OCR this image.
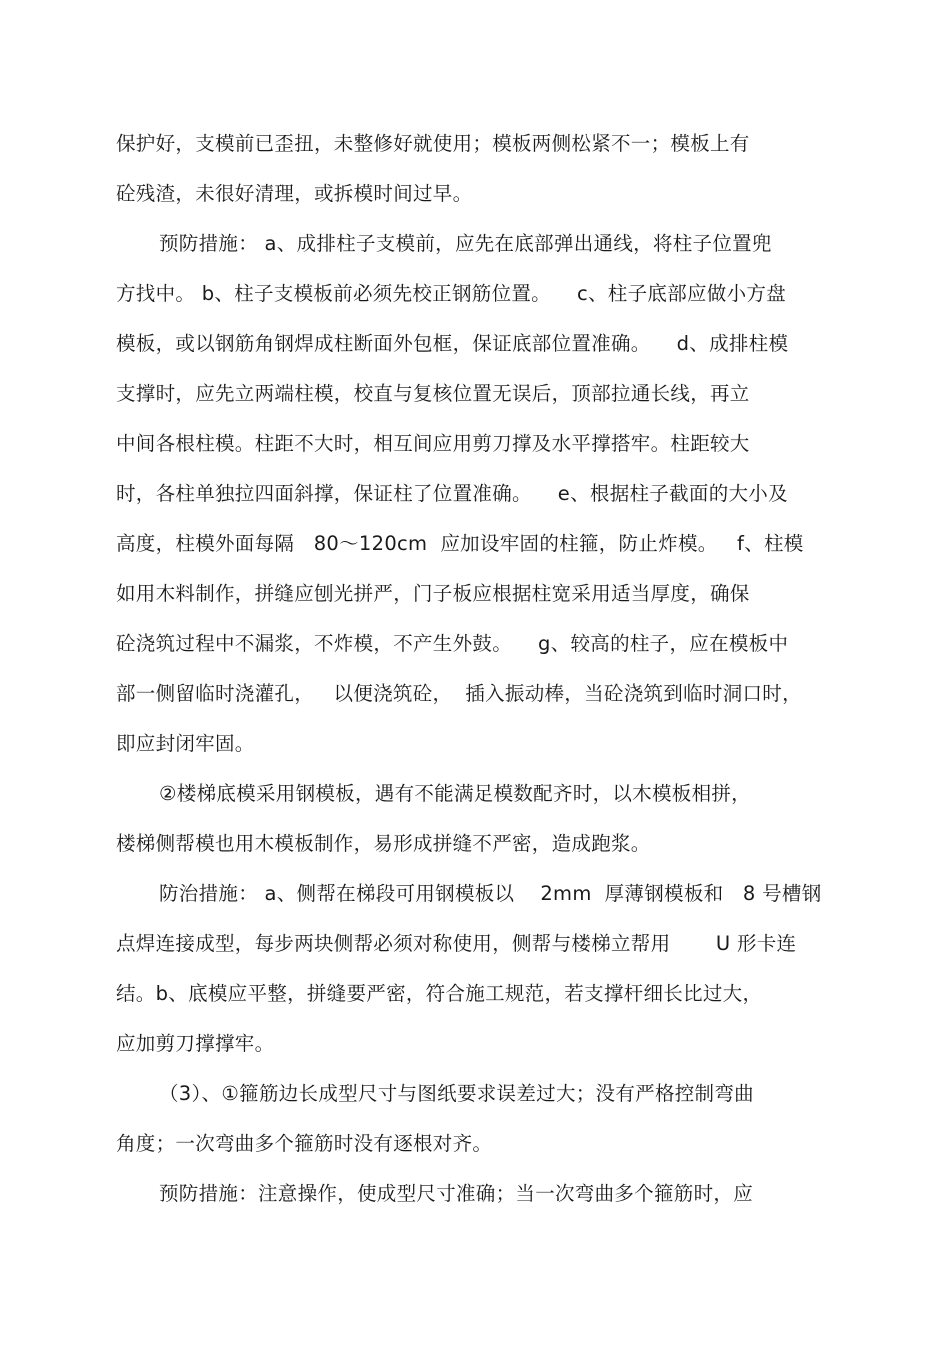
保护好，支模前已歪扭，未整修好就使用；模板两侧松紧不一；模板上有
砼残渣，未很好清理，或拆模时间过早。
预防措施： a、成排柱子支模前，应先在底部弹出通线，将柱子位置兜
方找中。 b、柱子支模板前必须先校正钢筋位置。    c、柱子底部应做小方盘
模板，或以钢筋角钢焊成柱断面外包框，保证底部位置准确。    d、成排柱模
支撑时，应先立两端柱模，校直与复核位置无误后，顶部拉通长线，再立
中间各根柱模。柱距不大时，相互间应用剪刀撑及水平撑搭牢。柱距较大
时，各柱单独拉四面斜撑，保证柱了位置准确。    e、根据柱子截面的大小及
高度，柱模外面每隔   80～120cm  应加设牢固的柱箍，防止炸模。   f、柱模
如用木料制作，拼缝应刨光拼严，门子板应根据柱宽采用适当厚度，确保
砼浇筑过程中不漏浆，不炸模，不产生外鼓。    g、较高的柱子，应在模板中
部一侧留临时浇灌孔，   以便浇筑砼，  插入振动棒，当砼浇筑到临时洞口时，
即应封闭牢固。
②楼梯底模采用钢模板，遇有不能满足模数配齐时，以木模板相拼，
楼梯侧帮模也用木模板制作，易形成拼缝不严密，造成跑浆。
防治措施： a、侧帮在梯段可用钢模板以    2mm  厚薄钢模板和   8 号槽钢
点焊连接成型，每步两块侧帮必须对称使用，侧帮与楼梯立帮用       U 形卡连
结。b、底模应平整，拼缝要严密，符合施工规范，若支撑杆细长比过大，
应加剪刀撑撑牢。
（3）、①箍筋边长成型尺寸与图纸要求误差过大；没有严格控制弯曲
角度；一次弯曲多个箍筋时没有逐根对齐。
预防措施：注意操作，使成型尺寸准确；当一次弯曲多个箍筋时，应
